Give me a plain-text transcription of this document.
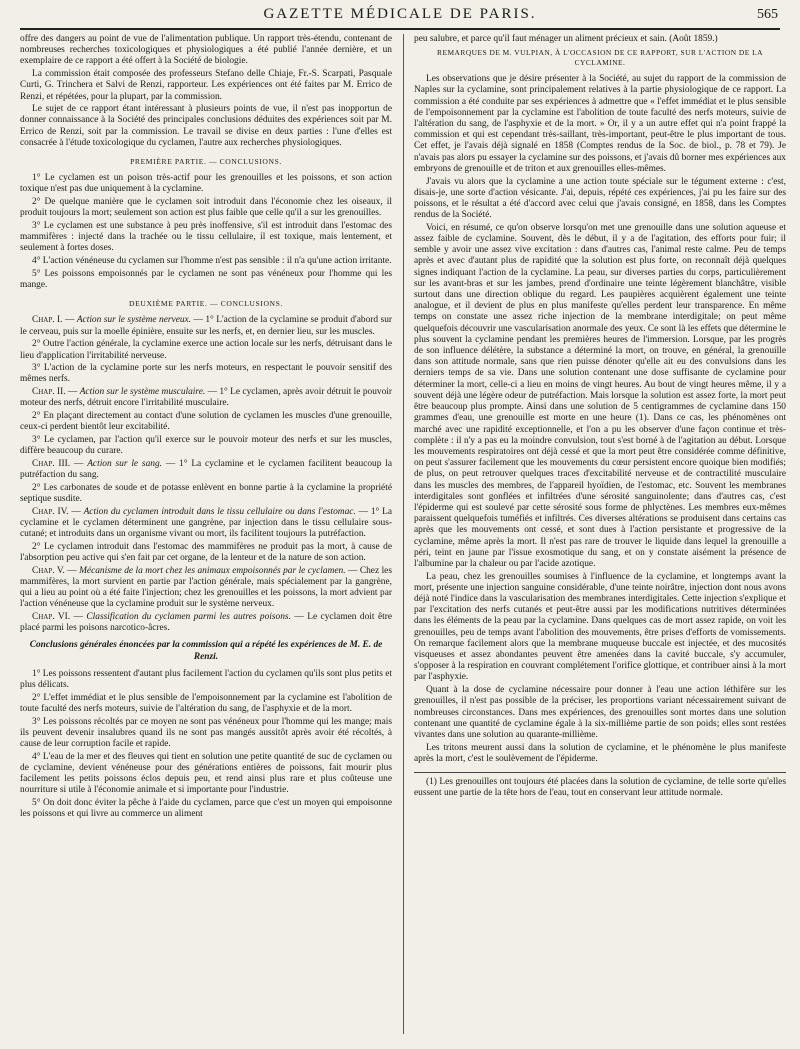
GAZETTE MÉDICALE DE PARIS.	565

offre des dangers au point de vue de l'alimentation publique. Un rapport très-étendu, contenant de nombreuses recherches toxicologiques et physiologiques a été publié l'année dernière, et un exemplaire de ce rapport a été offert à la Société de biologie.

La commission était composée des professeurs Stefano delle Chiaje, Fr.-S. Scarpati, Pasquale Curti, G. Trinchera et Salvi de Renzi, rapporteur. Les expériences ont été faites par M. Errico de Renzi, et répétées, pour la plupart, par la commission.

Le sujet de ce rapport étant intéressant à plusieurs points de vue, il n'est pas inopportun de donner connaissance à la Société des principales conclusions déduites des expériences soit par M. Errico de Renzi, soit par la commission. Le travail se divise en deux parties : l'une d'elles est consacrée à l'étude toxicologique du cyclamen, l'autre aux recherches physiologiques.

PREMIÈRE PARTIE. — CONCLUSIONS.

1° Le cyclamen est un poison très-actif pour les grenouilles et les poissons, et son action toxique n'est pas due uniquement à la cyclamine.

2° De quelque manière que le cyclamen soit introduit dans l'économie chez les oiseaux, il produit toujours la mort; seulement son action est plus faible que celle qu'il a sur les grenouilles.

3° Le cyclamen est une substance à peu près inoffensive, s'il est introduit dans l'estomac des mammifères : injecté dans la trachée ou le tissu cellulaire, il est toxique, mais lentement, et seulement à fortes doses.

4° L'action vénéneuse du cyclamen sur l'homme n'est pas sensible : il n'a qu'une action irritante.

5° Les poissons empoisonnés par le cyclamen ne sont pas vénéneux pour l'homme qui les mange.

DEUXIÈME PARTIE. — CONCLUSIONS.

Chap. I. — Action sur le système nerveux. — 1° L'action de la cyclamine se produit d'abord sur le cerveau, puis sur la moelle épinière, ensuite sur les nerfs, et, en dernier lieu, sur les muscles.

2° Outre l'action générale, la cyclamine exerce une action locale sur les nerfs, détruisant dans le lieu d'application l'irritabilité nerveuse.

3° L'action de la cyclamine porte sur les nerfs moteurs, en respectant le pouvoir sensitif des mêmes nerfs.

Chap. II. — Action sur le système musculaire. — 1° Le cyclamen, après avoir détruit le pouvoir moteur des nerfs, détruit encore l'irritabilité musculaire.

2° En plaçant directement au contact d'une solution de cyclamen les muscles d'une grenouille, ceux-ci perdent bientôt leur excitabilité.

3° Le cyclamen, par l'action qu'il exerce sur le pouvoir moteur des nerfs et sur les muscles, diffère beaucoup du curare.

Chap. III. — Action sur le sang. — 1° La cyclamine et le cyclamen facilitent beaucoup la putréfaction du sang.

2° Les carbonates de soude et de potasse enlèvent en bonne partie à la cyclamine la propriété septique susdite.

Chap. IV. — Action du cyclamen introduit dans le tissu cellulaire ou dans l'estomac. — 1° La cyclamine et le cyclamen déterminent une gangrène, par injection dans le tissu cellulaire sous-cutané; et introduits dans un organisme vivant ou mort, ils facilitent toujours la putréfaction.

2° Le cyclamen introduit dans l'estomac des mammifères ne produit pas la mort, à cause de l'absorption peu active qui s'en fait par cet organe, de la lenteur et de la nature de son action.

Chap. V. — Mécanisme de la mort chez les animaux empoisonnés par le cyclamen. — Chez les mammifères, la mort survient en partie par l'action générale, mais spécialement par la gangrène, qui a lieu au point où a été faite l'injection; chez les grenouilles et les poissons, la mort advient par l'action vénéneuse que la cyclamine produit sur le système nerveux.

Chap. VI. — Classification du cyclamen parmi les autres poisons. — Le cyclamen doit être placé parmi les poisons narcotico-âcres.

Conclusions générales énoncées par la commission qui a répété les expériences de M. E. de Renzi.

1° Les poissons ressentent d'autant plus facilement l'action du cyclamen qu'ils sont plus petits et plus délicats.

2° L'effet immédiat et le plus sensible de l'empoisonnement par la cyclamine est l'abolition de toute faculté des nerfs moteurs, suivie de l'altération du sang, de l'asphyxie et de la mort.

3° Les poissons récoltés par ce moyen ne sont pas vénéneux pour l'homme qui les mange; mais ils peuvent devenir insalubres quand ils ne sont pas mangés aussitôt après avoir été récoltés, à cause de leur corruption facile et rapide.

4° L'eau de la mer et des fleuves qui tient en solution une petite quantité de suc de cyclamen ou de cyclamine, devient vénéneuse pour des générations entières de poissons, fait mourir plus facilement les petits poissons éclos depuis peu, et rend ainsi plus rare et plus coûteuse une nourriture si utile à l'économie animale et si importante pour l'industrie.

5° On doit donc éviter la pêche à l'aide du cyclamen, parce que c'est un moyen qui empoisonne les poissons et qui livre au commerce un aliment

peu salubre, et parce qu'il faut ménager un aliment précieux et sain. (Août 1859.)

REMARQUES DE M. VULPIAN, À L'OCCASION DE CE RAPPORT, SUR L'ACTION DE LA CYCLAMINE.

Les observations que je désire présenter à la Société, au sujet du rapport de la commission de Naples sur la cyclamine, sont principalement relatives à la partie physiologique de ce rapport. La commission a été conduite par ses expériences à admettre que « l'effet immédiat et le plus sensible de l'empoisonnement par la cyclamine est l'abolition de toute faculté des nerfs moteurs, suivie de l'altération du sang, de l'asphyxie et de la mort. » Or, il y a un autre effet qui n'a point frappé la commission et qui est cependant très-saillant, très-important, peut-être le plus important de tous. Cet effet, je l'avais déjà signalé en 1858 (Comptes rendus de la Soc. de biol., p. 78 et 79). Je n'avais pas alors pu essayer la cyclamine sur des poissons, et j'avais dû borner mes expériences aux embryons de grenouille et de triton et aux grenouilles elles-mêmes.

J'avais vu alors que la cyclamine a une action toute spéciale sur le tégument externe : c'est, disais-je, une sorte d'action vésicante. J'ai, depuis, répété ces expériences, j'ai pu les faire sur des poissons, et le résultat a été d'accord avec celui que j'avais consigné, en 1858, dans les Comptes rendus de la Société.

Voici, en résumé, ce qu'on observe lorsqu'on met une grenouille dans une solution aqueuse et assez faible de cyclamine. Souvent, dès le début, il y a de l'agitation, des efforts pour fuir; il semble y avoir une assez vive excitation : dans d'autres cas, l'animal reste calme. Peu de temps après et avec d'autant plus de rapidité que la solution est plus forte, on reconnaît déjà quelques signes indiquant l'action de la cyclamine. La peau, sur diverses parties du corps, particulièrement sur les avant-bras et sur les jambes, prend d'ordinaire une teinte légèrement blanchâtre, visible surtout dans une direction oblique du regard. Les paupières acquièrent également une teinte analogue, et il devient de plus en plus manifeste qu'elles perdent leur transparence. En même temps on constate une assez riche injection de la membrane interdigitale; on peut même quelquefois découvrir une vascularisation anormale des yeux. Ce sont là les effets que détermine le plus souvent la cyclamine pendant les premières heures de l'immersion. Lorsque, par les progrès de son influence délétère, la substance a déterminé la mort, on trouve, en général, la grenouille dans son attitude normale, sans que rien puisse dénoter qu'elle ait eu des convulsions dans les derniers temps de sa vie. Dans une solution contenant une dose suffisante de cyclamine pour déterminer la mort, celle-ci a lieu en moins de vingt heures. Au bout de vingt heures même, il y a souvent déjà une légère odeur de putréfaction. Mais lorsque la solution est assez forte, la mort peut être beaucoup plus prompte. Ainsi dans une solution de 5 centigrammes de cyclamine dans 150 grammes d'eau, une grenouille est morte en une heure (1). Dans ce cas, les phénomènes ont marché avec une rapidité exceptionnelle, et l'on a pu les observer d'une façon continue et très-complète : il n'y a pas eu la moindre convulsion, tout s'est borné à de l'agitation au début. Lorsque les mouvements respiratoires ont déjà cessé et que la mort peut être considérée comme définitive, on peut s'assurer facilement que les mouvements du cœur persistent encore quoique bien modifiés; de plus, on peut retrouver quelques traces d'excitabilité nerveuse et de contractilité musculaire dans les muscles des membres, de l'appareil hyoïdien, de l'estomac, etc. Souvent les membranes interdigitales sont gonflées et infiltrées d'une sérosité sanguinolente; dans d'autres cas, c'est l'épiderme qui est soulevé par cette sérosité sous forme de phlyctènes. Les membres eux-mêmes paraissent quelquefois tuméfiés et infiltrés. Ces diverses altérations se produisent dans certains cas après que les mouvements ont cessé, et sont dues à l'action persistante et progressive de la cyclamine, même après la mort. Il n'est pas rare de trouver le liquide dans lequel la grenouille a péri, teint en jaune par l'issue exosmotique du sang, et on y constate aisément la présence de l'albumine par la chaleur ou par l'acide azotique.

La peau, chez les grenouilles soumises à l'influence de la cyclamine, et longtemps avant la mort, présente une injection sanguine considérable, d'une teinte noirâtre, injection dont nous avons déjà noté l'indice dans la vascularisation des membranes interdigitales. Cette injection s'explique et par l'excitation des nerfs cutanés et peut-être aussi par les modifications nutritives déterminées dans les éléments de la peau par la cyclamine. Dans quelques cas de mort assez rapide, on voit les grenouilles, peu de temps avant l'abolition des mouvements, être prises d'efforts de vomissements. On remarque facilement alors que la membrane muqueuse buccale est injectée, et des mucosités visqueuses et assez abondantes peuvent être amenées dans la cavité buccale, s'y accumuler, s'opposer à la respiration en couvrant complétement l'orifice glottique, et contribuer ainsi à la mort par l'asphyxie.

Quant à la dose de cyclamine nécessaire pour donner à l'eau une action léthifère sur les grenouilles, il n'est pas possible de la préciser, les proportions variant nécessairement suivant de nombreuses circonstances. Dans mes expériences, des grenouilles sont mortes dans une solution contenant une quantité de cyclamine égale à la six-millième partie de son poids; elles sont restées vivantes dans une solution au quarante-millième.

Les tritons meurent aussi dans la solution de cyclamine, et le phénomène le plus manifeste après la mort, c'est le soulèvement de l'épiderme.

(1) Les grenouilles ont toujours été placées dans la solution de cyclamine, de telle sorte qu'elles eussent une partie de la tête hors de l'eau, tout en conservant leur attitude normale.
